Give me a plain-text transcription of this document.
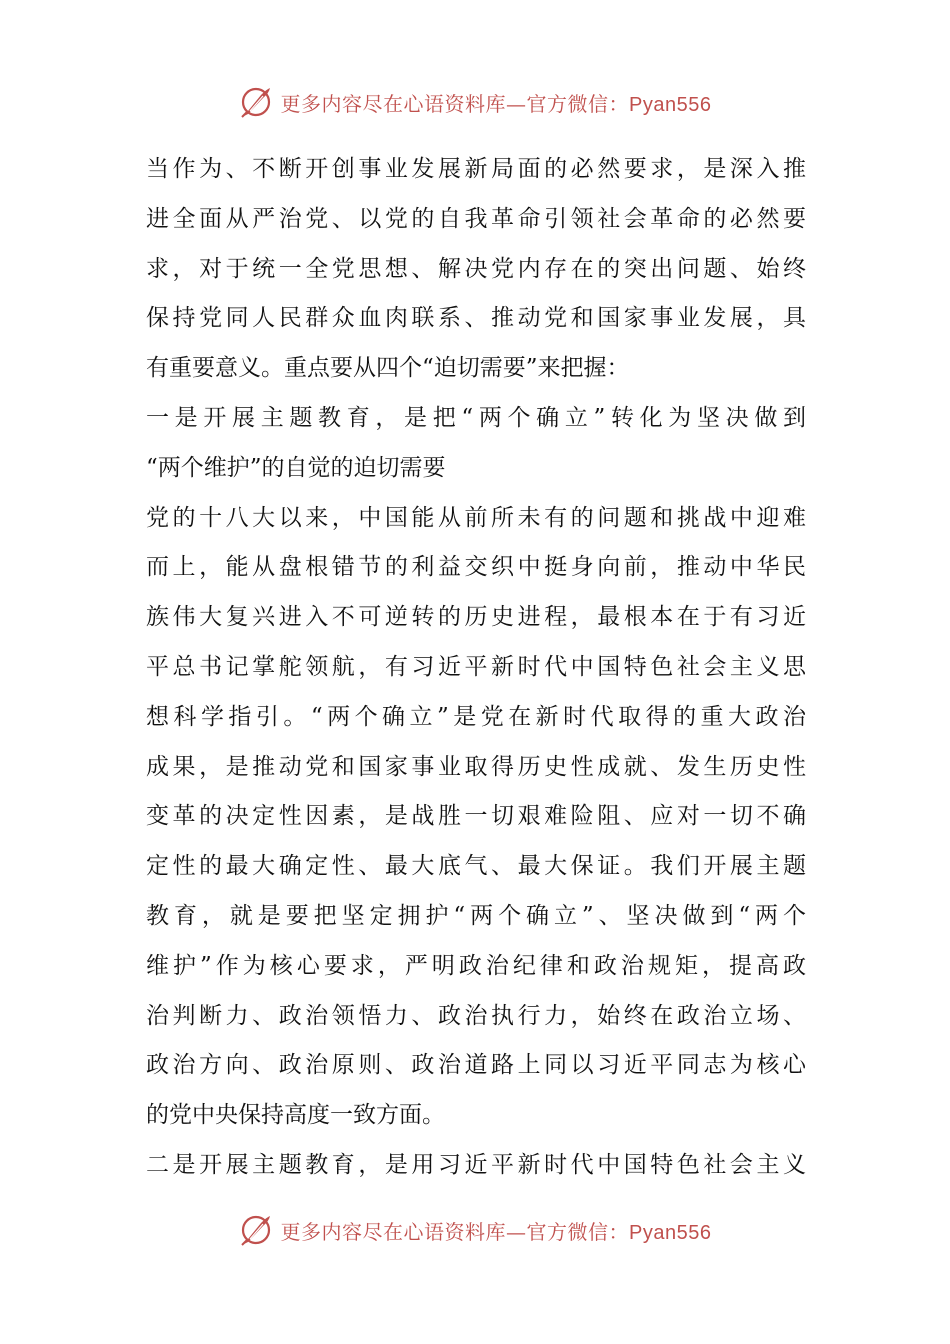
更多内容尽在心语资料库—官方微信：Pyan556
当作为、不断开创事业发展新局面的必然要求，是深入推
进全面从严治党、以党的自我革命引领社会革命的必然要
求，对于统一全党思想、解决党内存在的突出问题、始终
保持党同人民群众血肉联系、推动党和国家事业发展，具
有重要意义。重点要从四个“迫切需要”来把握：
一是开展主题教育，是把“两个确立”转化为坚决做到
“两个维护”的自觉的迫切需要
党的十八大以来，中国能从前所未有的问题和挑战中迎难
而上，能从盘根错节的利益交织中挺身向前，推动中华民
族伟大复兴进入不可逆转的历史进程，最根本在于有习近
平总书记掌舵领航，有习近平新时代中国特色社会主义思
想科学指引。“两个确立”是党在新时代取得的重大政治
成果，是推动党和国家事业取得历史性成就、发生历史性
变革的决定性因素，是战胜一切艰难险阻、应对一切不确
定性的最大确定性、最大底气、最大保证。我们开展主题
教育，就是要把坚定拥护“两个确立”、坚决做到“两个
维护”作为核心要求，严明政治纪律和政治规矩，提高政
治判断力、政治领悟力、政治执行力，始终在政治立场、
政治方向、政治原则、政治道路上同以习近平同志为核心
的党中央保持高度一致方面。
二是开展主题教育，是用习近平新时代中国特色社会主义
更多内容尽在心语资料库—官方微信：Pyan556
